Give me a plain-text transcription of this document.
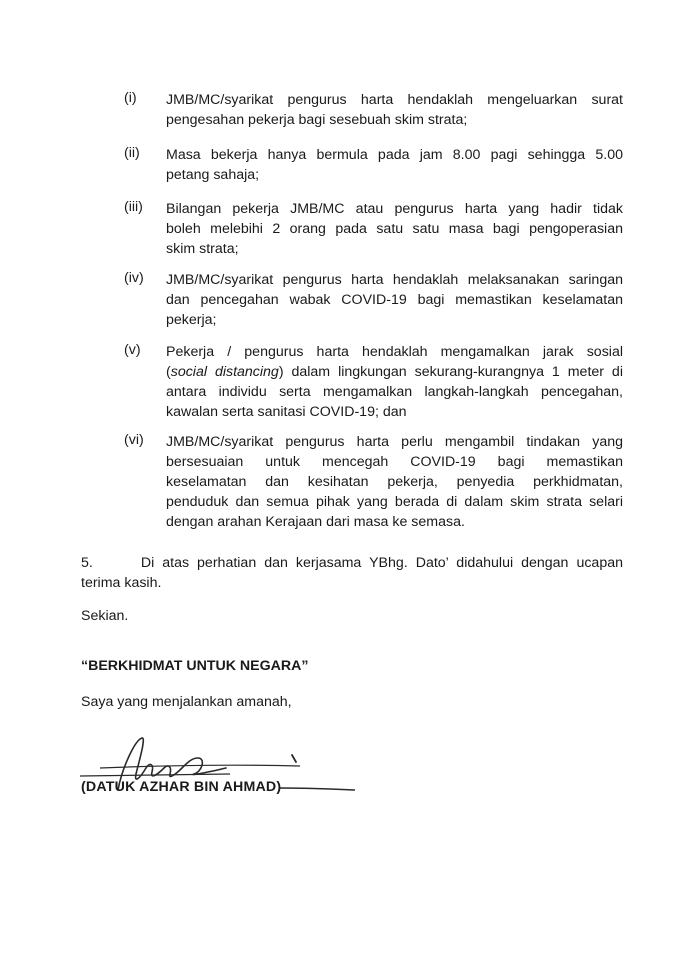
(i) JMB/MC/syarikat pengurus harta hendaklah mengeluarkan surat
pengesahan pekerja bagi sesebuah skim strata;
(ii) Masa bekerja hanya bermula pada jam 8.00 pagi sehingga 5.00
petang sahaja;
(iii) Bilangan pekerja JMB/MC atau pengurus harta yang hadir tidak
boleh melebihi 2 orang pada satu satu masa bagi pengoperasian
skim strata;
(iv) JMB/MC/syarikat pengurus harta hendaklah melaksanakan saringan
dan pencegahan wabak COVID-19 bagi memastikan keselamatan
pekerja;
(v) Pekerja / pengurus harta hendaklah mengamalkan jarak sosial
(social distancing) dalam lingkungan sekurang-kurangnya 1 meter di
antara individu serta mengamalkan langkah-langkah pencegahan,
kawalan serta sanitasi COVID-19; dan
(vi) JMB/MC/syarikat pengurus harta perlu mengambil tindakan yang
bersesuaian untuk mencegah COVID-19 bagi memastikan
keselamatan dan kesihatan pekerja, penyedia perkhidmatan,
penduduk dan semua pihak yang berada di dalam skim strata selari
dengan arahan Kerajaan dari masa ke semasa.
5.      Di atas perhatian dan kerjasama YBhg. Dato’ didahului dengan ucapan
terima kasih.
Sekian.
“BERKHIDMAT UNTUK NEGARA”
Saya yang menjalankan amanah,
(DATUK AZHAR BIN AHMAD)
